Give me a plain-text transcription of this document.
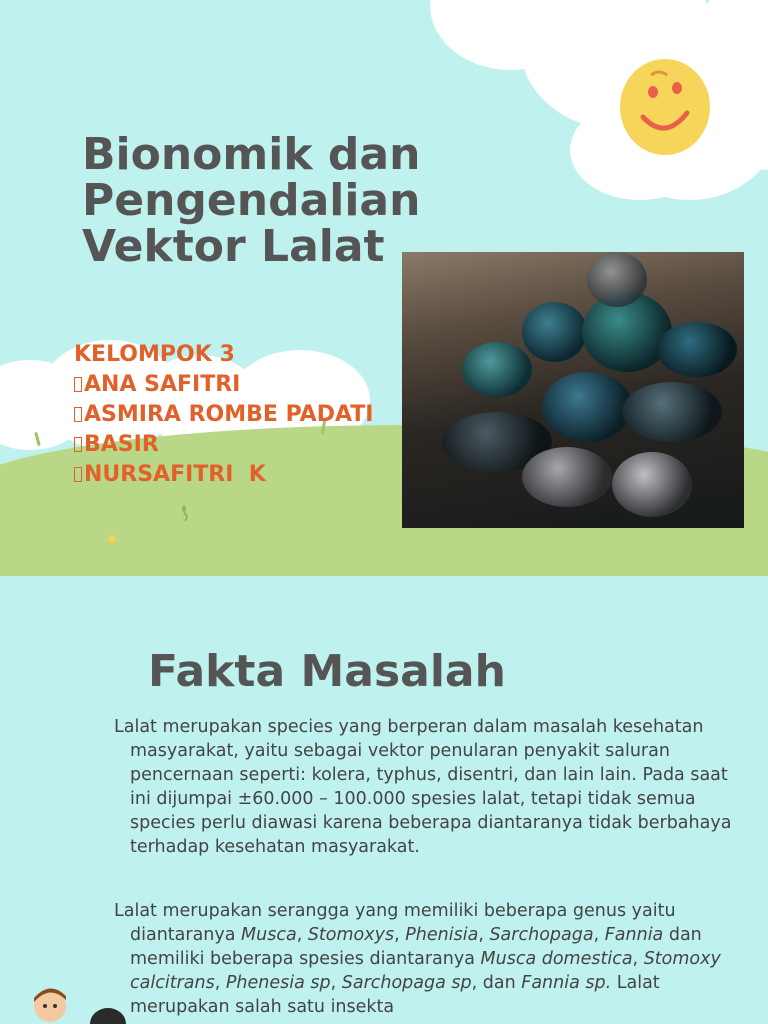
Bionomik dan
Pengendalian
Vektor Lalat
KELOMPOK 3
ANA SAFITRI
ASMIRA ROMBE PADATI
BASIR
NURSAFITRI  K
Fakta Masalah

Lalat merupakan species yang berperan dalam masalah kesehatan masyarakat, yaitu sebagai vektor penularan penyakit saluran pencernaan seperti: kolera, typhus, disentri, dan lain lain. Pada saat ini dijumpai ±60.000 – 100.000 spesies lalat, tetapi tidak semua species perlu diawasi karena beberapa diantaranya tidak berbahaya terhadap kesehatan masyarakat.

Lalat merupakan serangga yang memiliki beberapa genus yaitu diantaranya Musca, Stomoxys, Phenisia, Sarchopaga, Fannia dan memiliki beberapa spesies diantaranya Musca domestica, Stomoxy calcitrans, Phenesia sp, Sarchopaga sp, dan Fannia sp. Lalat merupakan salah satu insekta
